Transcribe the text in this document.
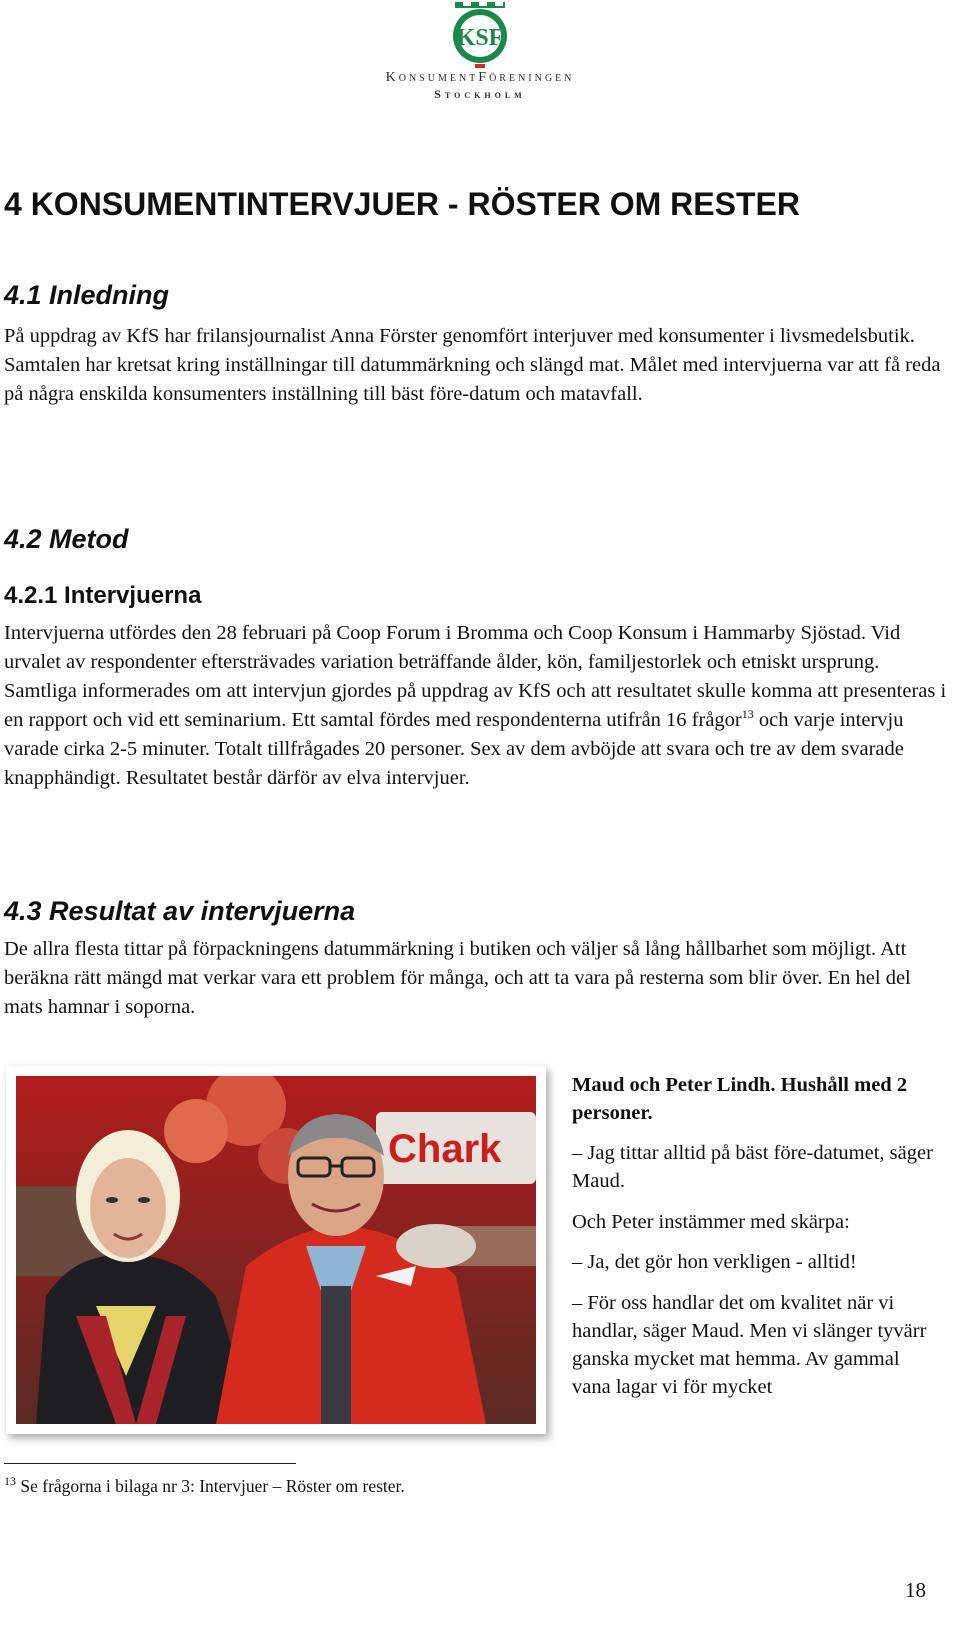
KSF
KonsumentFöreningen
Stockholm
4 KONSUMENTINTERVJUER - RÖSTER OM RESTER
4.1 Inledning

På uppdrag av KfS har frilansjournalist Anna Förster genomfört interjuver med konsumenter i livsmedelsbutik. Samtalen har kretsat kring inställningar till datummärkning och slängd mat. Målet med intervjuerna var att få reda på några enskilda konsumenters inställning till bäst före-datum och matavfall.

4.2 Metod
4.2.1 Intervjuerna

Intervjuerna utfördes den 28 februari på Coop Forum i Bromma och Coop Konsum i Hammarby Sjöstad. Vid urvalet av respondenter eftersträvades variation beträffande ålder, kön, familjestorlek och etniskt ursprung. Samtliga informerades om att intervjun gjordes på uppdrag av KfS och att resultatet skulle komma att presenteras i en rapport och vid ett seminarium. Ett samtal fördes med respondenterna utifrån 16 frågor$^{13}$ och varje intervju varade cirka 2-5 minuter. Totalt tillfrågades 20 personer. Sex av dem avböjde att svara och tre av dem svarade knapphändigt. Resultatet består därför av elva intervjuer.

4.3 Resultat av intervjuerna

De allra flesta tittar på förpackningens datummärkning i butiken och väljer så lång hållbarhet som möjligt. Att beräkna rätt mängd mat verkar vara ett problem för många, och att ta vara på resterna som blir över. En hel del mats hamnar i soporna.

Chark

Maud och Peter Lindh. Hushåll med 2 personer.

– Jag tittar alltid på bäst före-datumet, säger Maud.

Och Peter instämmer med skärpa:

– Ja, det gör hon verkligen - alltid!

– För oss handlar det om kvalitet när vi handlar, säger Maud. Men vi slänger tyvärr ganska mycket mat hemma. Av gammal vana lagar vi för mycket

$^{13}$ Se frågorna i bilaga nr 3: Intervjuer – Röster om rester.
18
